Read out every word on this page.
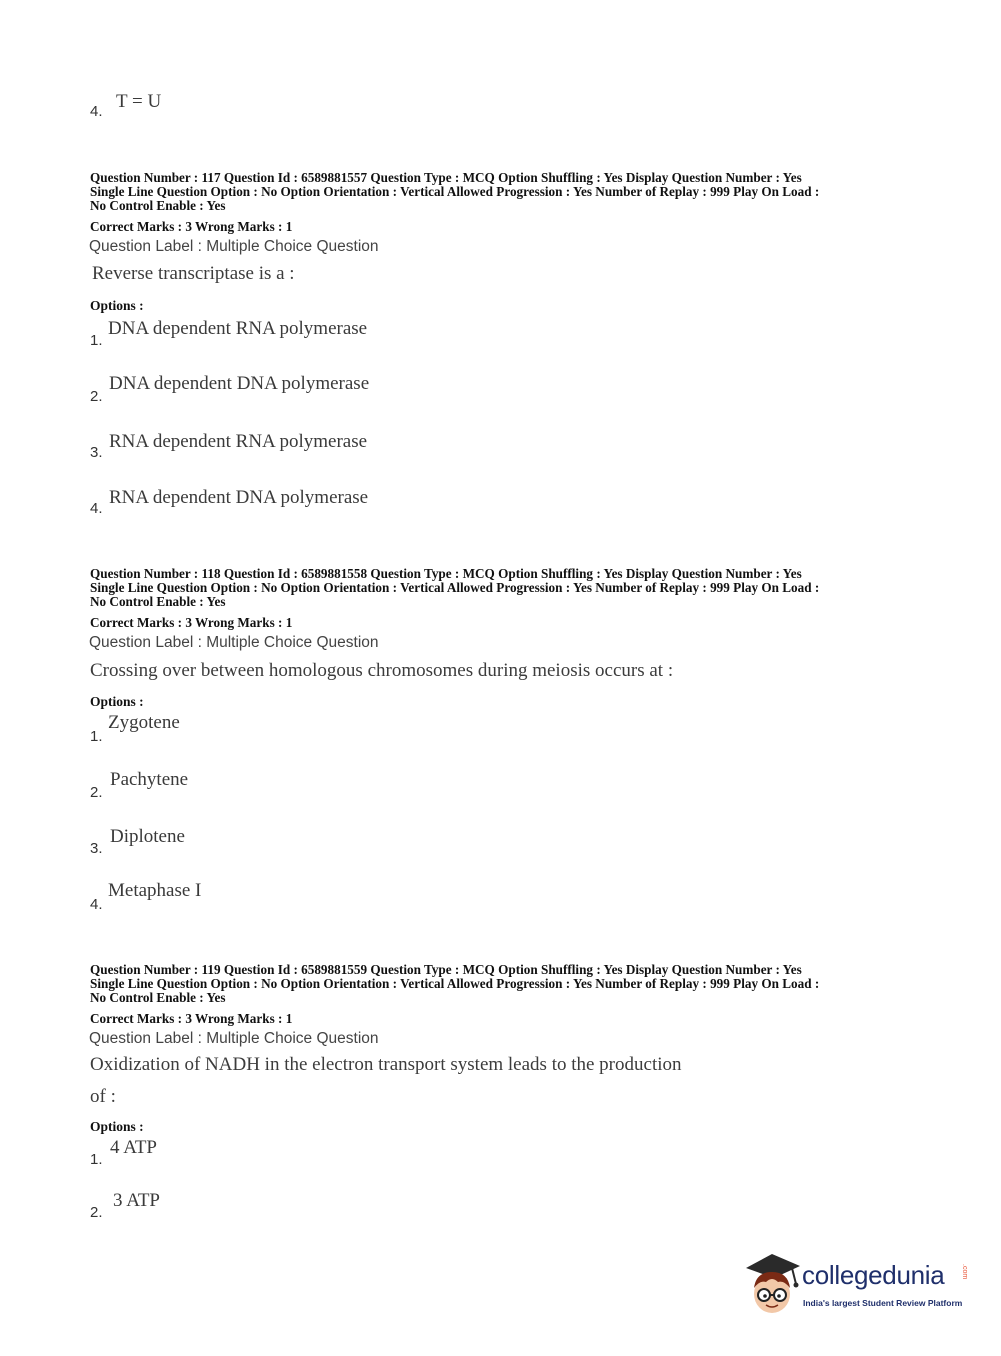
4. T = U
Question Number : 117 Question Id : 6589881557 Question Type : MCQ Option Shuffling : Yes Display Question Number : Yes
Single Line Question Option : No Option Orientation : Vertical Allowed Progression : Yes Number of Replay : 999 Play On Load :
No Control Enable : Yes
Correct Marks : 3 Wrong Marks : 1
Question Label : Multiple Choice Question
Reverse transcriptase is a :
Options :
1.
DNA dependent RNA polymerase
2.
DNA dependent DNA polymerase
3.
RNA dependent RNA polymerase
4.
RNA dependent DNA polymerase
Question Number : 118 Question Id : 6589881558 Question Type : MCQ Option Shuffling : Yes Display Question Number : Yes
Single Line Question Option : No Option Orientation : Vertical Allowed Progression : Yes Number of Replay : 999 Play On Load :
No Control Enable : Yes
Correct Marks : 3 Wrong Marks : 1
Question Label : Multiple Choice Question
Crossing over between homologous chromosomes during meiosis occurs at :
Options :
1.
Zygotene
2.
Pachytene
3.
Diplotene
4.
Metaphase I
Question Number : 119 Question Id : 6589881559 Question Type : MCQ Option Shuffling : Yes Display Question Number : Yes
Single Line Question Option : No Option Orientation : Vertical Allowed Progression : Yes Number of Replay : 999 Play On Load :
No Control Enable : Yes
Correct Marks : 3 Wrong Marks : 1
Question Label : Multiple Choice Question
Oxidization of NADH in the electron transport system leads to the production
of :
Options :
1.
4 ATP
2.
3 ATP
collegedunia .com
India's largest Student Review Platform
